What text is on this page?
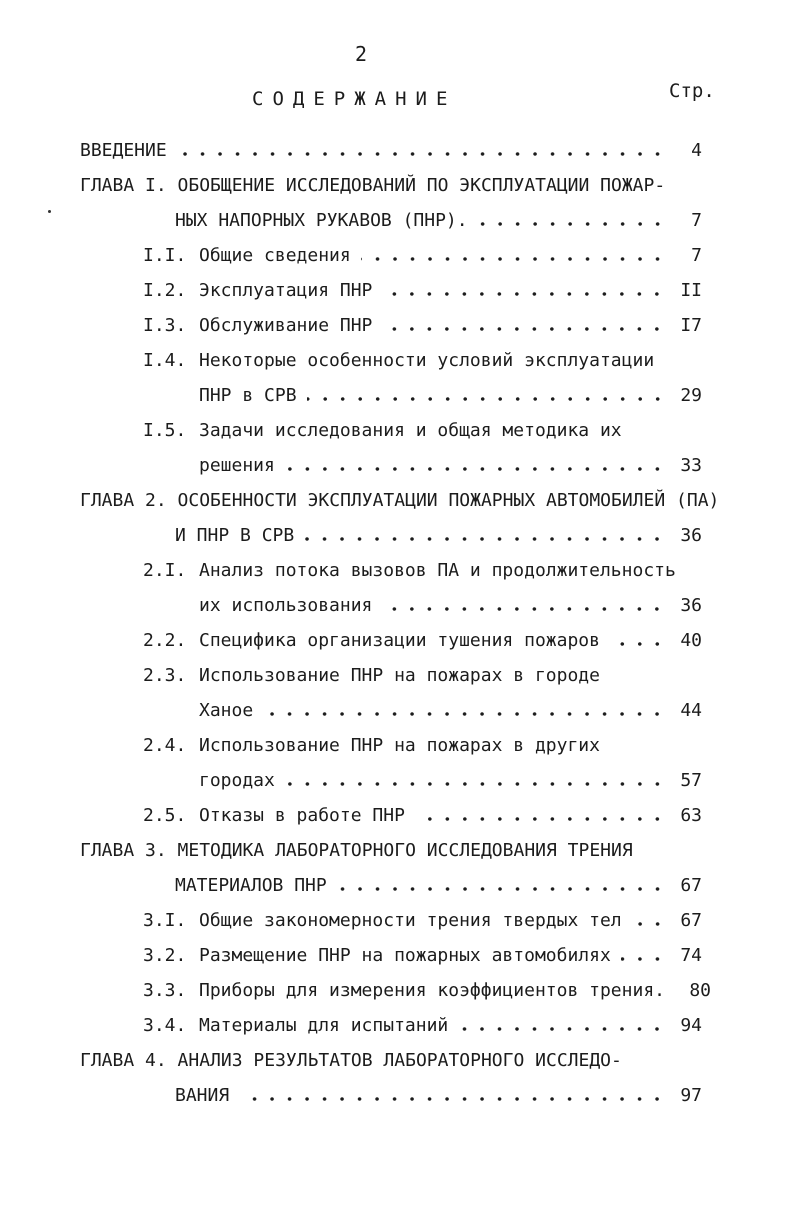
2
СОДЕРЖАНИЕ	Стр.
ВВЕДЕНИЕ	4
ГЛАВА I. ОБОБЩЕНИЕ ИССЛЕДОВАНИЙ ПО ЭКСПЛУАТАЦИИ ПОЖАР-
НЫХ НАПОРНЫХ РУКАВОВ (ПНР).	7
I.I. Общие сведения	7
I.2. Эксплуатация ПНР	II
I.3. Обслуживание ПНР	I7
I.4. Некоторые особенности условий эксплуатации
ПНР в СРВ	29
I.5. Задачи исследования и общая методика их
решения	33
ГЛАВА 2. ОСОБЕННОСТИ ЭКСПЛУАТАЦИИ ПОЖАРНЫХ АВТОМОБИЛЕЙ (ПА)
И ПНР В СРВ	36
2.I. Анализ потока вызовов ПА и продолжительность
их использования	36
2.2. Специфика организации тушения пожаров	40
2.3. Использование ПНР на пожарах в городе
Ханое	44
2.4. Использование ПНР на пожарах в других
городах	57
2.5. Отказы в работе ПНР	63
ГЛАВА 3. МЕТОДИКА ЛАБОРАТОРНОГО ИССЛЕДОВАНИЯ ТРЕНИЯ
МАТЕРИАЛОВ ПНР	67
3.I. Общие закономерности трения твердых тел	67
3.2. Размещение ПНР на пожарных автомобилях	74
3.3. Приборы для измерения коэффициентов трения. 80
3.4. Материалы для испытаний	94
ГЛАВА 4. АНАЛИЗ РЕЗУЛЬТАТОВ ЛАБОРАТОРНОГО ИССЛЕДО-
ВАНИЯ	97
